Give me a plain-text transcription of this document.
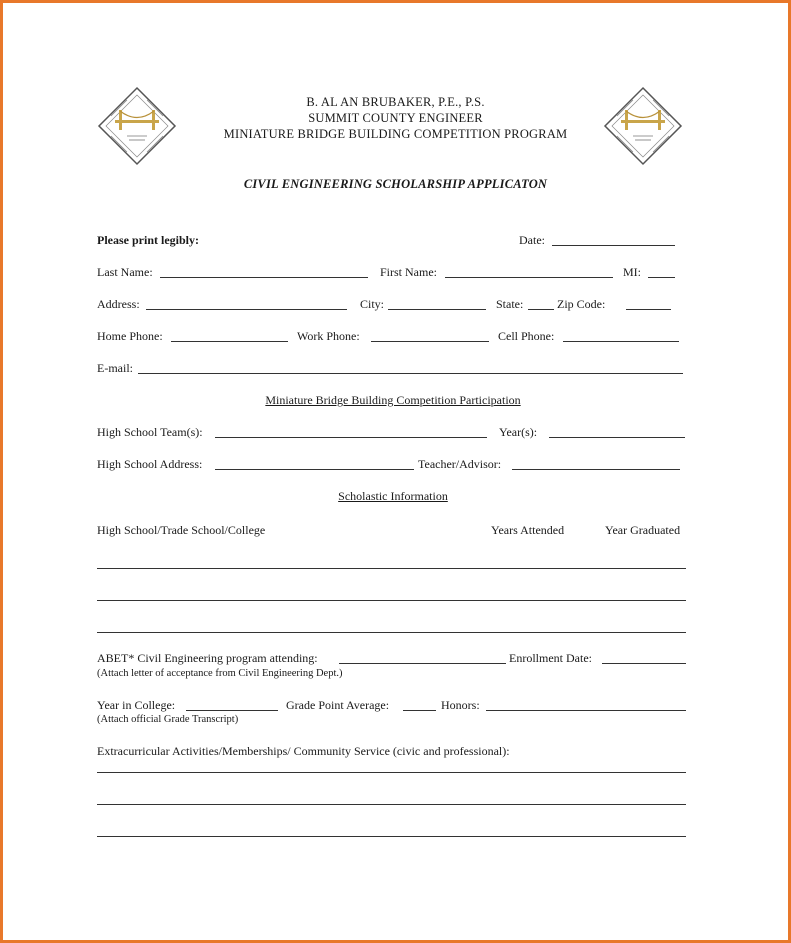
B. AL AN BRUBAKER, P.E., P.S.
SUMMIT COUNTY ENGINEER
MINIATURE BRIDGE BUILDING COMPETITION PROGRAM
CIVIL ENGINEERING SCHOLARSHIP APPLICATON
Please print legibly:	Date:
Last Name:	First Name:	MI:
Address:	City:	State:	Zip Code:
Home Phone:	Work Phone:	Cell Phone:
E-mail:
Miniature Bridge Building Competition Participation
High School Team(s):	Year(s):
High School Address:	Teacher/Advisor:
Scholastic Information
High School/Trade School/College	Years Attended	Year Graduated
ABET* Civil Engineering program attending:	Enrollment Date:
(Attach letter of acceptance from Civil Engineering Dept.)
Year in College:	Grade Point Average:	Honors:
(Attach official Grade Transcript)
Extracurricular Activities/Memberships/ Community Service (civic and professional):
